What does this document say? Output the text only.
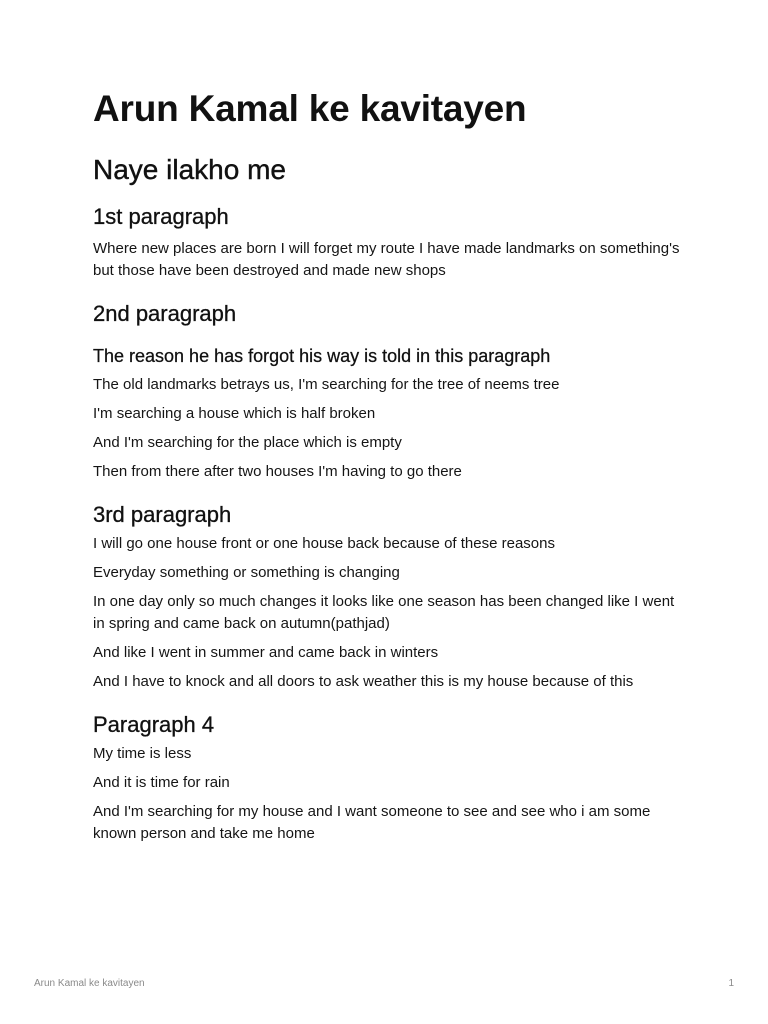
Arun Kamal ke kavitayen
Naye ilakho me
1st paragraph

Where new places are born I will forget my route I have made landmarks on something's but those have been destroyed and made new shops

2nd paragraph
The reason he has forgot his way is told in this paragraph

The old landmarks betrays us, I'm searching for the tree of neems tree

I'm searching a house which is half broken

And I'm searching for the place which is empty

Then from there after two houses I'm having to go there

3rd paragraph

I will go one house front or one house back because of these reasons

Everyday something or something is changing

In one day only so much changes it looks like one season has been changed like I went in spring and came back on autumn(pathjad)

And like I went in summer and came back in winters

And I have to knock and all doors to ask weather this is my house because of this

Paragraph 4

My time is less

And it is time for rain

And I'm searching for my house and I want someone to see and see who i am some known person and take me home

Arun Kamal ke kavitayen	1
